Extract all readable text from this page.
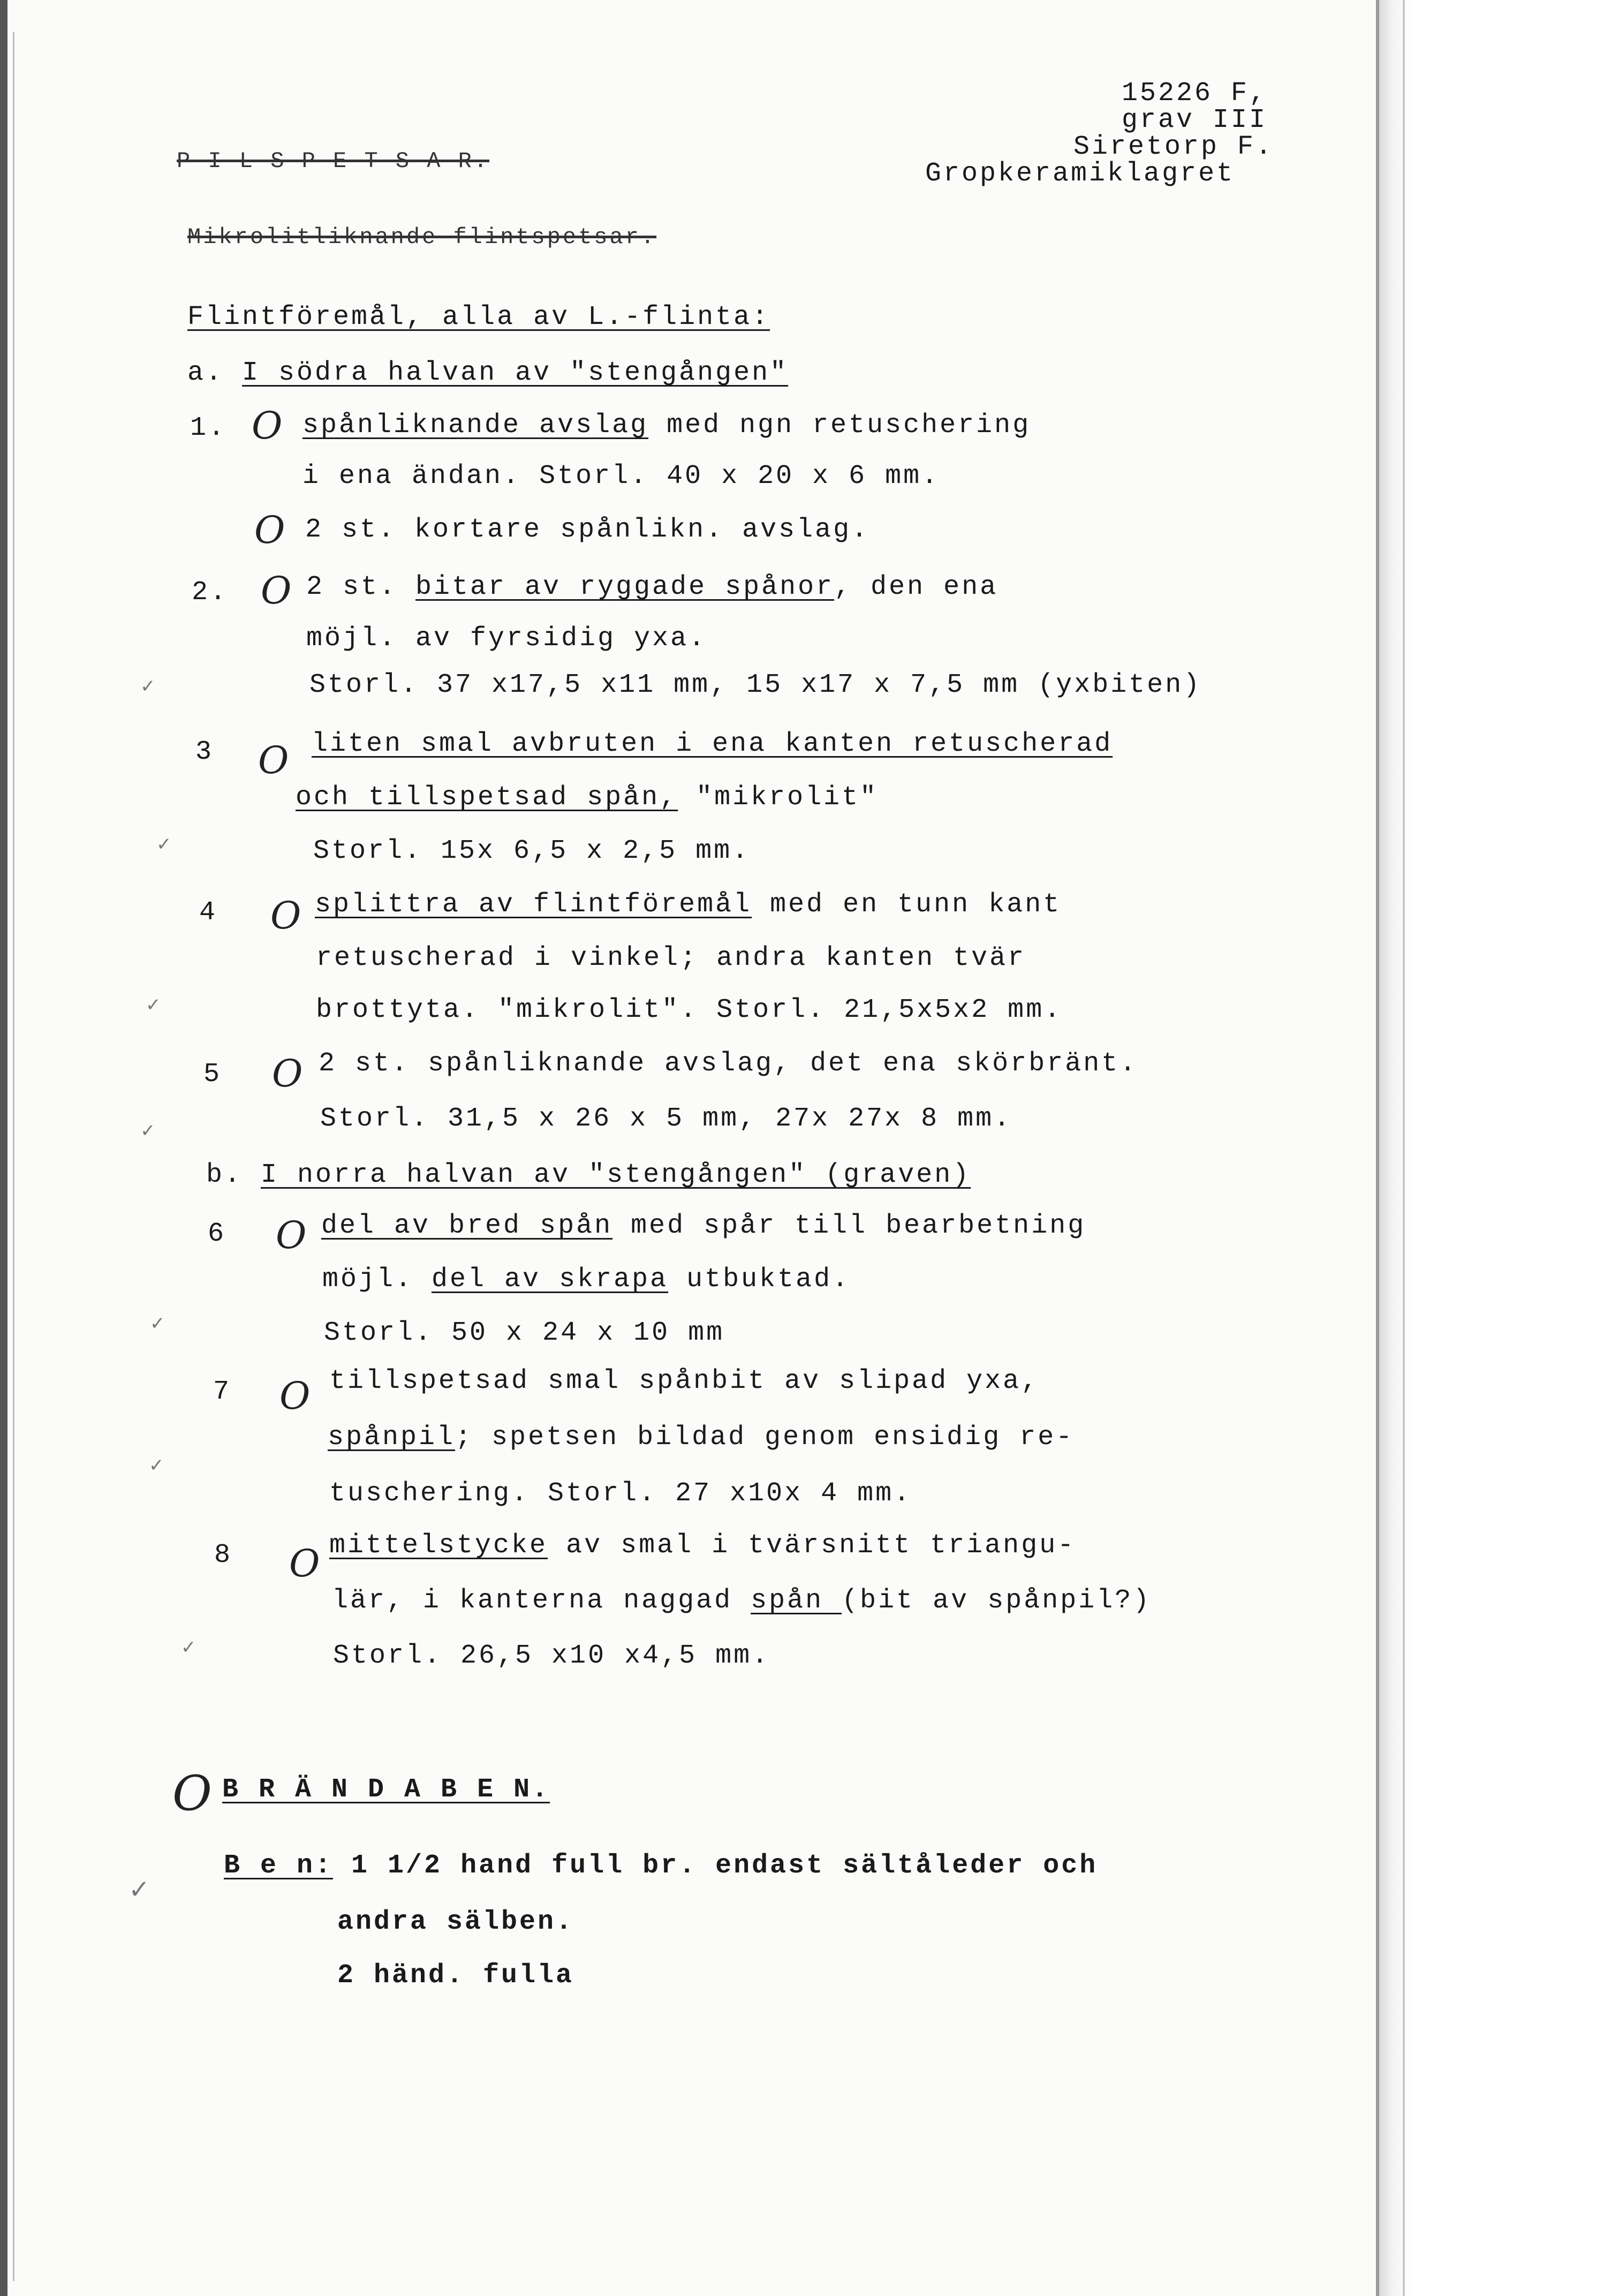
15226 F,
grav III
Siretorp F.
Gropkeramiklagret
P I L S P E T S A R.
Mikrolitliknande flintspetsar.
Flintföremål, alla av L.-flinta:
a. I södra halvan av "stengången"
1. O spånliknande avslag med ngn retuschering
i ena ändan. Storl. 40 x 20 x 6 mm.
O 2 st. kortare spånlikn. avslag.
2. O 2 st. bitar av ryggade spånor, den ena
möjl. av fyrsidig yxa.
Storl. 37 x17,5 x11 mm, 15 x17 x 7,5 mm (yxbiten)
3 O liten smal avbruten i ena kanten retuscherad
och tillspetsad spån, "mikrolit"
Storl. 15x 6,5 x 2,5 mm.
4 O splittra av flintföremål med en tunn kant
retuscherad i vinkel; andra kanten tvär
brottyta. "mikrolit". Storl. 21,5x5x2 mm.
5 O 2 st. spånliknande avslag, det ena skörbränt.
Storl. 31,5 x 26 x 5 mm, 27x 27x 8 mm.
b. I norra halvan av "stengången" (graven)
6 O del av bred spån med spår till bearbetning
möjl. del av skrapa utbuktad.
Storl. 50 x 24 x 10 mm
7 O tillspetsad smal spånbit av slipad yxa,
spånpil; spetsen bildad genom ensidig re-
tuschering. Storl. 27 x10x 4 mm.
8 O mittelstycke av smal i tvärsnitt triangu-
lär, i kanterna naggad spån (bit av spånpil?)
Storl. 26,5 x10 x4,5 mm.
O B R Ä N D A B E N.
B e n: 1 1/2 hand full br. endast sältåleder och
andra sälben.
2 händ. fulla
✓
✓
✓
✓
✓
✓
✓
✓
